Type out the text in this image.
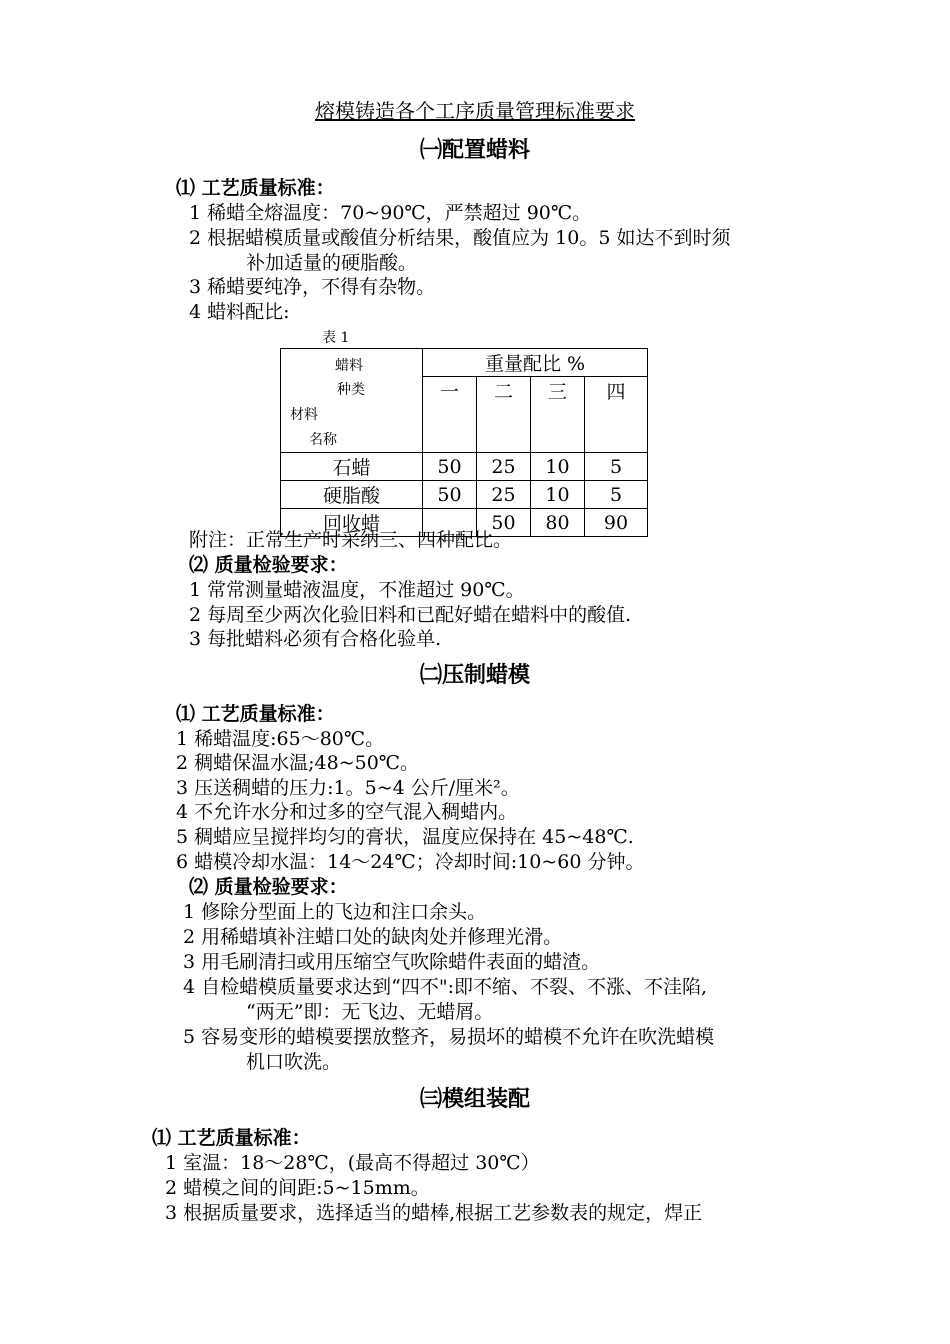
熔模铸造各个工序质量管理标准要求
㈠配置蜡料
⑴ 工艺质量标准：
1 稀蜡全熔温度：70~90℃，严禁超过 90℃。
2 根据蜡模质量或酸值分析结果，酸值应为 10。5 如达不到时须
补加适量的硬脂酸。
3 稀蜡要纯净，不得有杂物。
4 蜡料配比:
表 1
蜡料
种类
材料
名称	重量配比 %			
	一	二	三	四
石蜡	50	25	10	5
硬脂酸	50	25	10	5
回收蜡		50	80	90
附注：正常生产时采纳三、四种配比。
⑵ 质量检验要求：
1 常常测量蜡液温度，不准超过 90℃。
2 每周至少两次化验旧料和已配好蜡在蜡料中的酸值.
3 每批蜡料必须有合格化验单.
㈡压制蜡模
⑴ 工艺质量标准：
1 稀蜡温度:65～80℃。
2 稠蜡保温水温;48~50℃。
3 压送稠蜡的压力:1。5~4 公斤/厘米²。
4 不允许水分和过多的空气混入稠蜡内。
5 稠蜡应呈搅拌均匀的膏状，温度应保持在 45~48℃.
6 蜡模冷却水温：14～24℃；冷却时间:10~60 分钟。
⑵ 质量检验要求：
1 修除分型面上的飞边和注口余头。
2 用稀蜡填补注蜡口处的缺肉处并修理光滑。
3 用毛刷清扫或用压缩空气吹除蜡件表面的蜡渣。
4 自检蜡模质量要求达到“四不":即不缩、不裂、不涨、不洼陷,
“两无”即：无飞边、无蜡屑。
5 容易变形的蜡模要摆放整齐，易损坏的蜡模不允许在吹洗蜡模
机口吹洗。
㈢模组装配
⑴ 工艺质量标准：
1 室温：18～28℃，(最高不得超过 30℃）
2 蜡模之间的间距:5~15mm。
3 根据质量要求，选择适当的蜡棒,根据工艺参数表的规定，焊正
